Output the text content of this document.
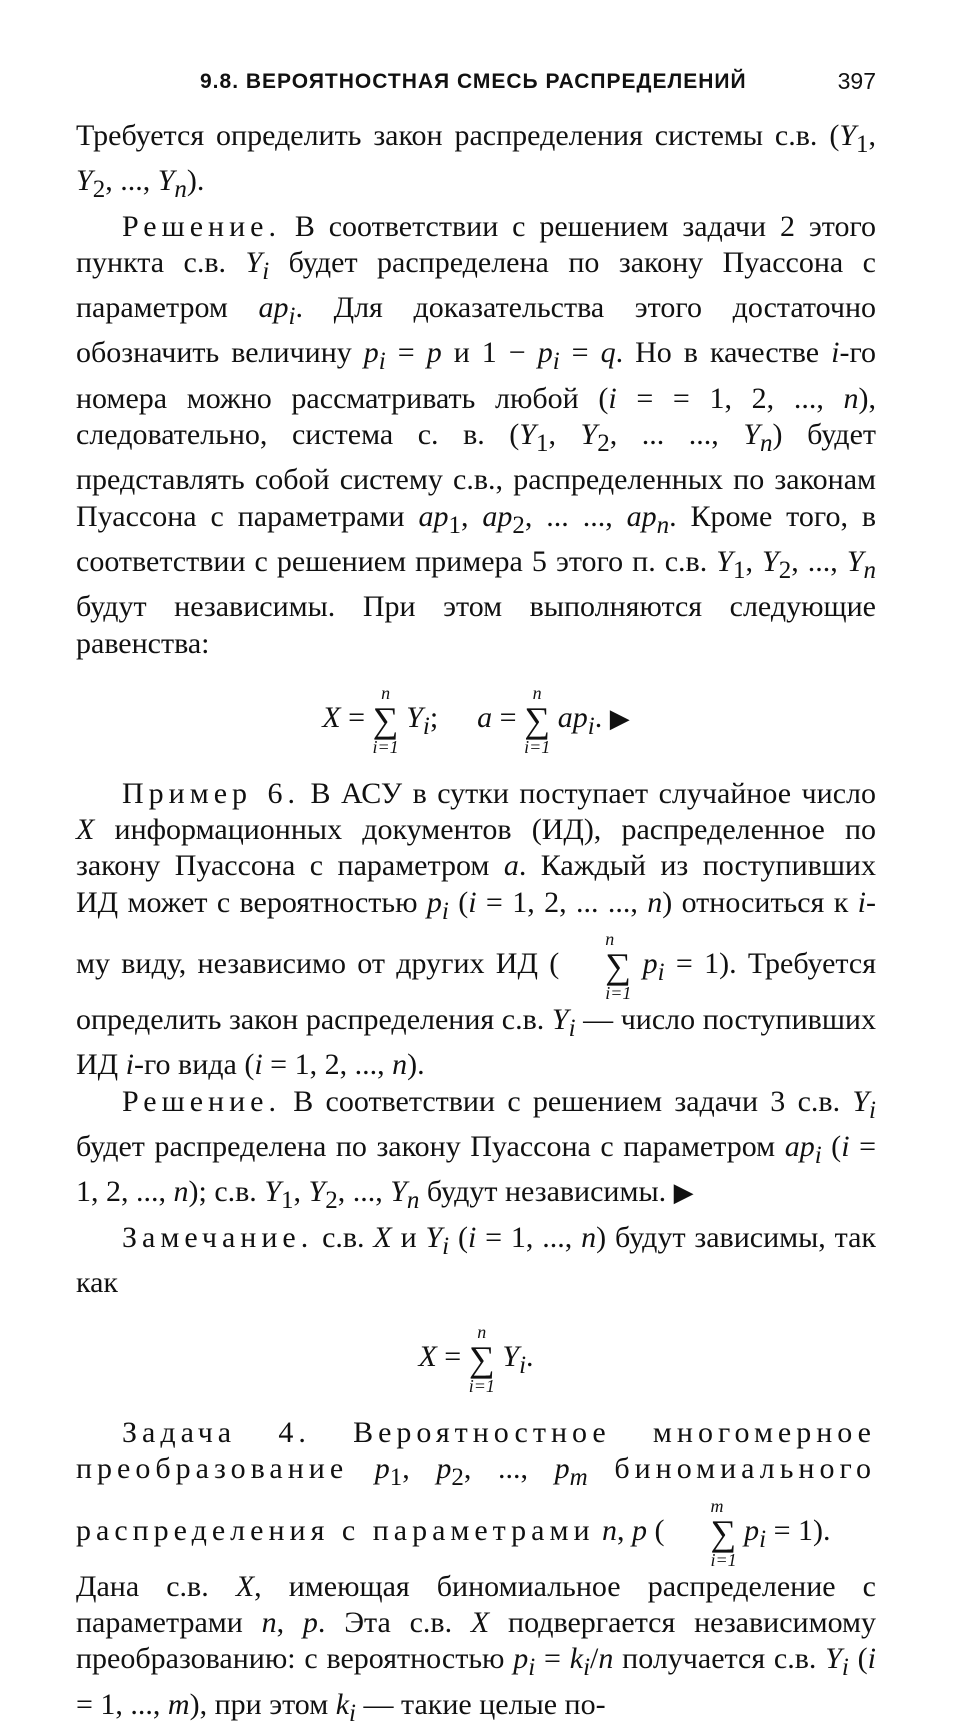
9.8. ВЕРОЯТНОСТНАЯ СМЕСЬ РАСПРЕДЕЛЕНИЙ	397

Требуется определить закон распределения системы с.в. ($Y_1$, $Y_2$, ..., $Y_n$).

Решение. В соответствии с решением задачи 2 этого пункта с.в. $Y_i$ будет распределена по закону Пуассона с параметром $ap_i$. Для доказательства этого достаточно обозначить величину $p_i = p$ и $1 - p_i = q$. Но в качестве i-го номера можно рассматривать любой (i = = 1, 2, ..., n), следовательно, система с. в. ($Y_1$, $Y_2$, ... ..., $Y_n$) будет представлять собой систему с.в., распределенных по законам Пуассона с параметрами $ap_1$, $ap_2$, ... ..., $ap_n$. Кроме того, в соответствии с решением примера 5 этого п. с.в. $Y_1$, $Y_2$, ..., $Y_n$ будут независимы. При этом выполняются следующие равенства:

X =
n
∑
i=1
$Y_i$;  a =
n
∑
i=1
$ap_i$. ▶

Пример 6. В АСУ в сутки поступает случайное число X информационных документов (ИД), распределенное по закону Пуассона с параметром a. Каждый из поступивших ИД может с вероятностью $p_i$ (i = 1, 2, ... ..., n) относиться к i-му виду, независимо от других ИД (
n
∑
i=1
$p_i = 1$). Требуется определить закон распределения с.в. $Y_i$ — число поступивших ИД i-го вида (i = 1, 2, ..., n).

Решение. В соответствии с решением задачи 3 с.в. $Y_i$ будет распределена по закону Пуассона с параметром $ap_i$ (i = 1, 2, ..., n); с.в. $Y_1$, $Y_2$, ..., $Y_n$ будут независимы. ▶

Замечание. с.в. X и $Y_i$ (i = 1, ..., n) будут зависимы, так как

X =
n
∑
i=1
$Y_i$.

Задача 4. Вероятностное многомерное преобразование $p_1$, $p_2$, ..., $p_m$ биномиального распределения с параметрами n, p (
m
∑
i=1
$p_i = 1$).

Дана с.в. X, имеющая биномиальное распределение с параметрами n, p. Эта с.в. X подвергается независимому преобразованию: с вероятностью $p_i = k_i/n$ получается с.в. $Y_i$ (i = 1, ..., m), при этом $k_i$ — такие целые по-
